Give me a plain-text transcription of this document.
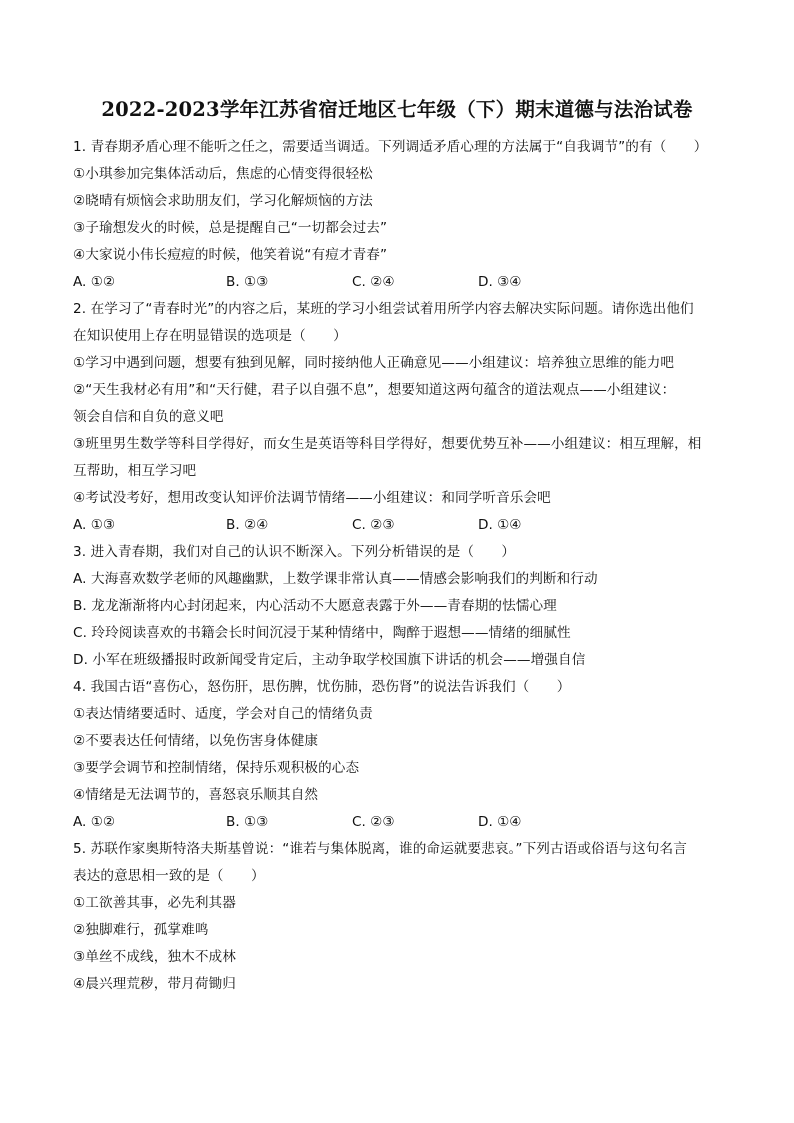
2022-2023学年江苏省宿迁地区七年级（下）期末道德与法治试卷
1. 青春期矛盾心理不能听之任之，需要适当调适。下列调适矛盾心理的方法属于“自我调节”的有（　　）
①小琪参加完集体活动后，焦虑的心情变得很轻松
②晓晴有烦恼会求助朋友们，学习化解烦恼的方法
③子瑜想发火的时候，总是提醒自己“一切都会过去”
④大家说小伟长痘痘的时候，他笑着说“有痘才青春”
A. ①②	B. ①③	C. ②④	D. ③④
2. 在学习了“青春时光”的内容之后，某班的学习小组尝试着用所学内容去解决实际问题。请你选出他们
在知识使用上存在明显错误的选项是（　　）
①学习中遇到问题，想要有独到见解，同时接纳他人正确意见——小组建议：培养独立思维的能力吧
②“天生我材必有用”和“天行健，君子以自强不息”，想要知道这两句蕴含的道法观点——小组建议：
领会自信和自负的意义吧
③班里男生数学等科目学得好，而女生是英语等科目学得好，想要优势互补——小组建议：相互理解，相
互帮助，相互学习吧
④考试没考好，想用改变认知评价法调节情绪——小组建议：和同学听音乐会吧
A. ①③	B. ②④	C. ②③	D. ①④
3. 进入青春期，我们对自己的认识不断深入。下列分析错误的是（　　）
A. 大海喜欢数学老师的风趣幽默，上数学课非常认真——情感会影响我们的判断和行动
B. 龙龙渐渐将内心封闭起来，内心活动不大愿意表露于外——青春期的怯懦心理
C. 玲玲阅读喜欢的书籍会长时间沉浸于某种情绪中，陶醉于遐想——情绪的细腻性
D. 小军在班级播报时政新闻受肯定后，主动争取学校国旗下讲话的机会——增强自信
4. 我国古语“喜伤心，怒伤肝，思伤脾，忧伤肺，恐伤肾”的说法告诉我们（　　）
①表达情绪要适时、适度，学会对自己的情绪负责
②不要表达任何情绪，以免伤害身体健康
③要学会调节和控制情绪，保持乐观积极的心态
④情绪是无法调节的，喜怒哀乐顺其自然
A. ①②	B. ①③	C. ②③	D. ①④
5. 苏联作家奥斯特洛夫斯基曾说：“谁若与集体脱离，谁的命运就要悲哀。”下列古语或俗语与这句名言
表达的意思相一致的是（　　）
①工欲善其事，必先利其器
②独脚难行，孤掌难鸣
③单丝不成线，独木不成林
④晨兴理荒秽，带月荷锄归
